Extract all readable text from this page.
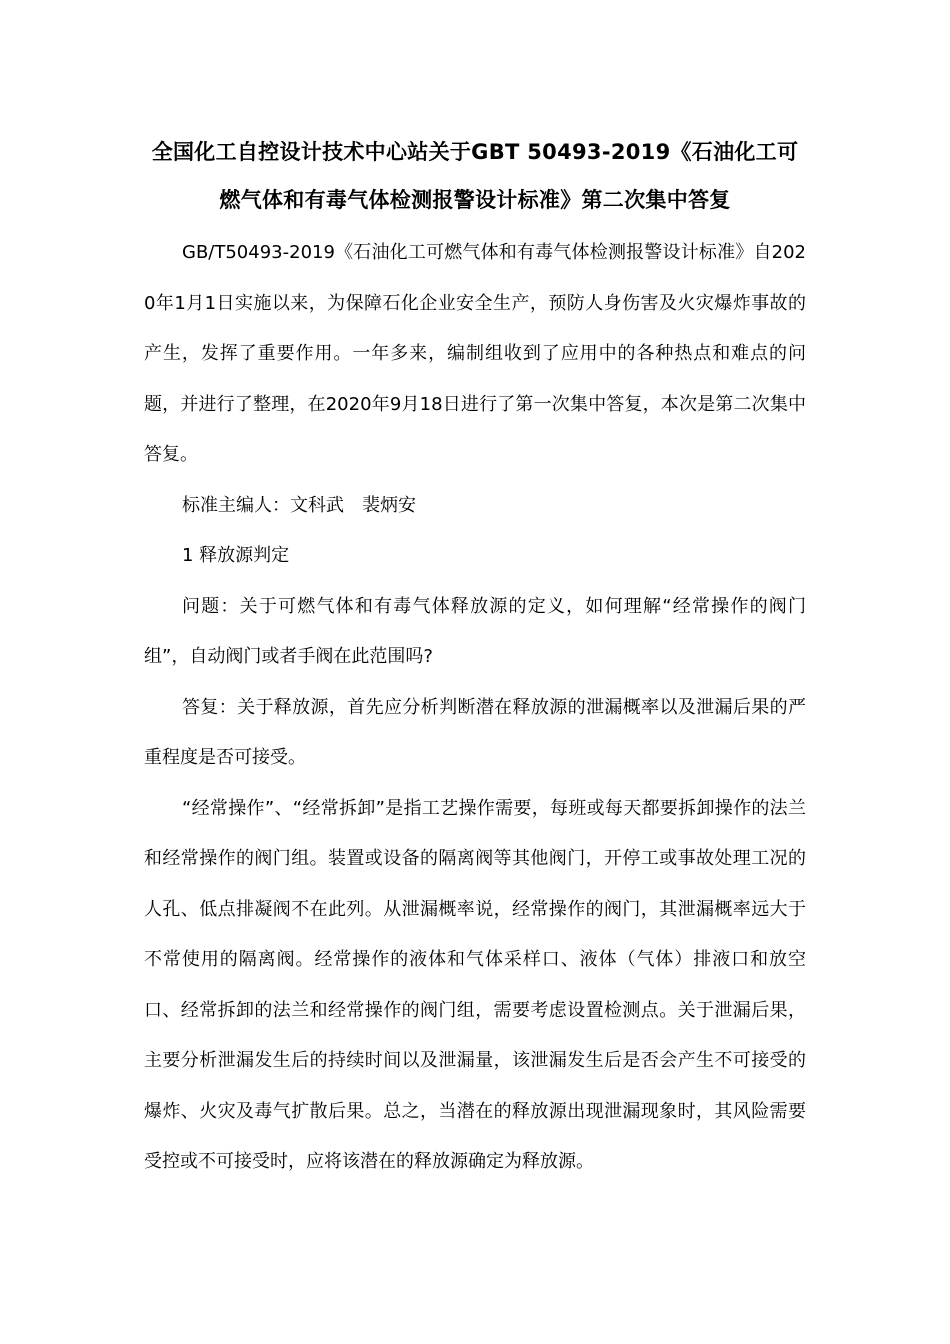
全国化工自控设计技术中心站关于GBT 50493-2019《石油化工可燃气体和有毒气体检测报警设计标准》第二次集中答复

GB/T50493-2019《石油化工可燃气体和有毒气体检测报警设计标准》自2020年1月1日实施以来，为保障石化企业安全生产，预防人身伤害及火灾爆炸事故的产生，发挥了重要作用。一年多来，编制组收到了应用中的各种热点和难点的问题，并进行了整理，在2020年9月18日进行了第一次集中答复，本次是第二次集中答复。

标准主编人：文科武　裴炳安

1 释放源判定

问题：关于可燃气体和有毒气体释放源的定义，如何理解“经常操作的阀门组”，自动阀门或者手阀在此范围吗?

答复：关于释放源，首先应分析判断潜在释放源的泄漏概率以及泄漏后果的严重程度是否可接受。

“经常操作”、“经常拆卸”是指工艺操作需要，每班或每天都要拆卸操作的法兰和经常操作的阀门组。装置或设备的隔离阀等其他阀门，开停工或事故处理工况的人孔、低点排凝阀不在此列。从泄漏概率说，经常操作的阀门，其泄漏概率远大于不常使用的隔离阀。经常操作的液体和气体采样口、液体（气体）排液口和放空口、经常拆卸的法兰和经常操作的阀门组，需要考虑设置检测点。关于泄漏后果，主要分析泄漏发生后的持续时间以及泄漏量，该泄漏发生后是否会产生不可接受的爆炸、火灾及毒气扩散后果。总之，当潜在的释放源出现泄漏现象时，其风险需要受控或不可接受时，应将该潜在的释放源确定为释放源。
